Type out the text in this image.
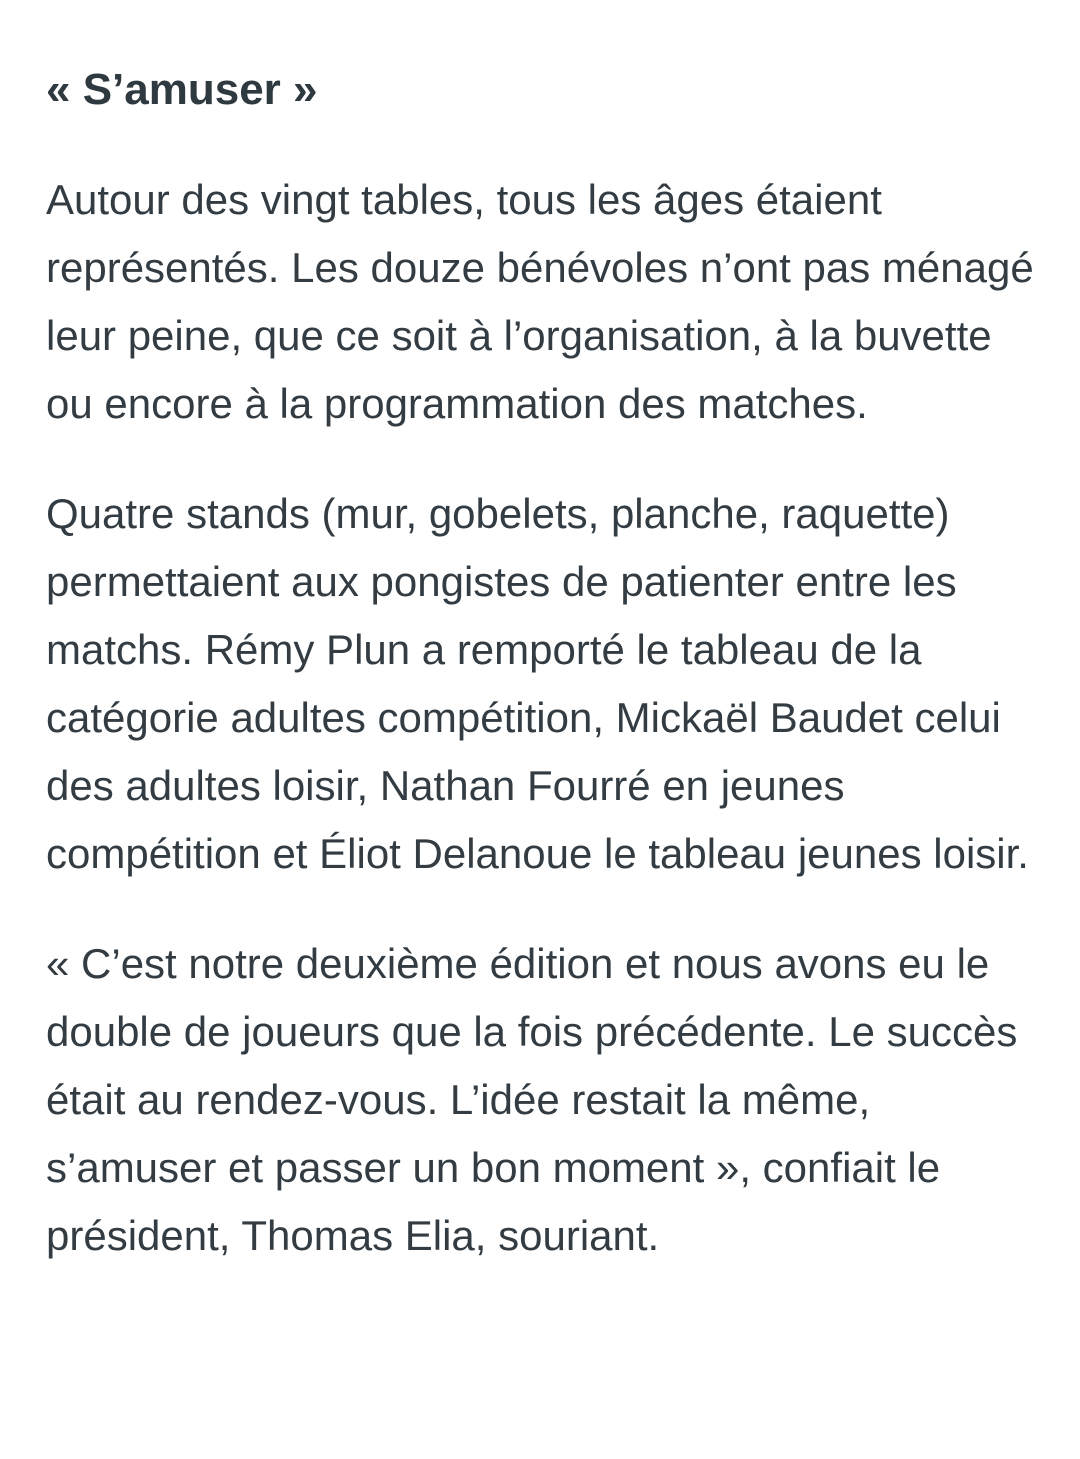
« S’amuser »

Autour des vingt tables, tous les âges étaient représentés. Les douze bénévoles n’ont pas ménagé leur peine, que ce soit à l’organisation, à la buvette ou encore à la programmation des matches.

Quatre stands (mur, gobelets, planche, raquette) permettaient aux pongistes de patienter entre les matchs. Rémy Plun a remporté le tableau de la catégorie adultes compétition, Mickaël Baudet celui des adultes loisir, Nathan Fourré en jeunes compétition et Éliot Delanoue le tableau jeunes loisir.

« C’est notre deuxième édition et nous avons eu le double de joueurs que la fois précédente. Le succès était au rendez-vous. L’idée restait la même, s’amuser et passer un bon moment », confiait le président, Thomas Elia, souriant.
